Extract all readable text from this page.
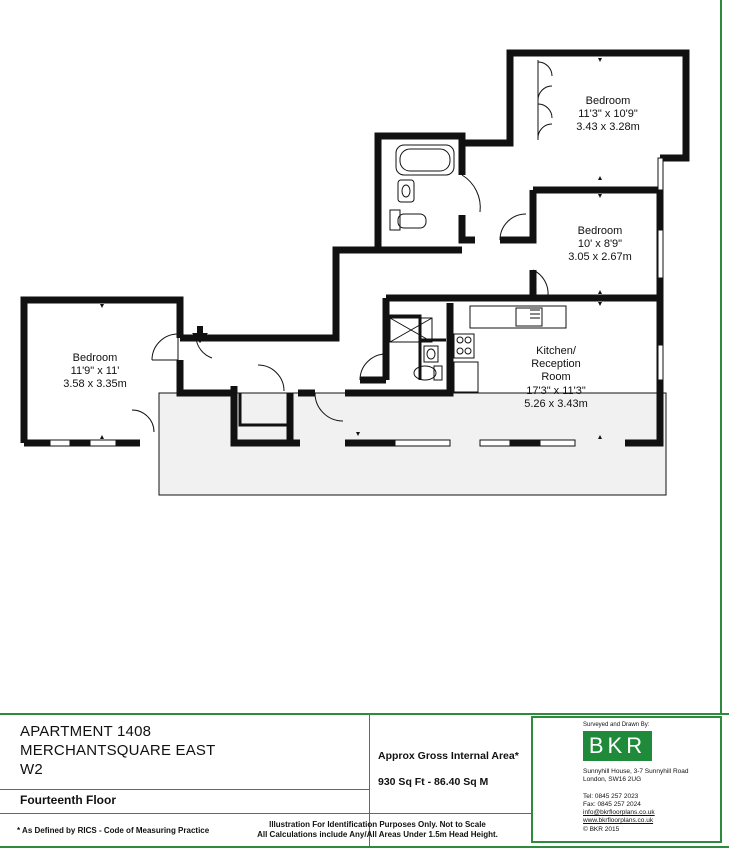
Bedroom
11'3" x 10'9"
3.43 x 3.28m
Bedroom
10' x 8'9"
3.05 x 2.67m
Bedroom
11'9" x 11'
3.58 x 3.35m
Kitchen/
Reception
Room
17'3" x 11'3"
5.26 x 3.43m
APARTMENT 1408
MERCHANTSQUARE EAST
W2
Fourteenth Floor
* As Defined by RICS - Code of Measuring Practice
Approx Gross Internal Area*
930 Sq Ft - 86.40 Sq M
Illustration For Identification Purposes Only. Not to Scale
All Calculations include Any/All Areas Under 1.5m Head Height.
Surveyed and Drawn By:
BKR
Sunnyhill House, 3-7 Sunnyhill Road
London, SW16 2UG
Tel: 0845 257 2023
Fax: 0845 257 2024
info@bkrfloorplans.co.uk
www.bkrfloorplans.co.uk
© BKR 2015
